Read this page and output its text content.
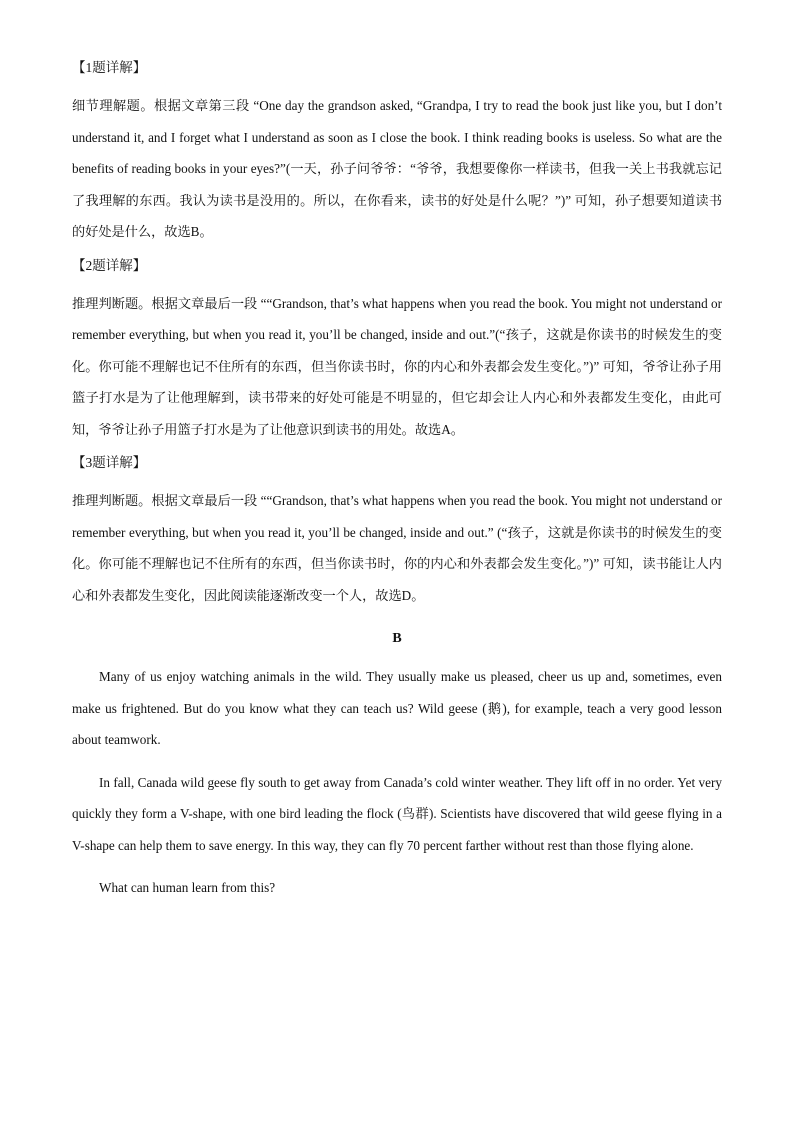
【1题详解】

细节理解题。根据文章第三段 “One day the grandson asked, “Grandpa, I try to read the book just like you, but I don’t understand it, and I forget what I understand as soon as I close the book. I think reading books is useless. So what are the benefits of reading books in your eyes?”(一天，孙子问爷爷：“爷爷，我想要像你一样读书，但我一关上书我就忘记了我理解的东西。我认为读书是没用的。所以，在你看来，读书的好处是什么呢？”)” 可知，孙子想要知道读书的好处是什么，故选B。

【2题详解】

推理判断题。根据文章最后一段 ““Grandson, that’s what happens when you read the book. You might not understand or remember everything, but when you read it, you’ll be changed, inside and out.”(“孩子，这就是你读书的时候发生的变化。你可能不理解也记不住所有的东西，但当你读书时，你的内心和外表都会发生变化。”)” 可知，爷爷让孙子用篮子打水是为了让他理解到，读书带来的好处可能是不明显的，但它却会让人内心和外表都发生变化，由此可知，爷爷让孙子用篮子打水是为了让他意识到读书的用处。故选A。

【3题详解】

推理判断题。根据文章最后一段 ““Grandson, that’s what happens when you read the book. You might not understand or remember everything, but when you read it, you’ll be changed, inside and out.” (“孩子，这就是你读书的时候发生的变化。你可能不理解也记不住所有的东西，但当你读书时，你的内心和外表都会发生变化。”)” 可知，读书能让人内心和外表都发生变化，因此阅读能逐渐改变一个人，故选D。

B

Many of us enjoy watching animals in the wild. They usually make us pleased, cheer us up and, sometimes, even make us frightened. But do you know what they can teach us? Wild geese (鹅), for example, teach a very good lesson about teamwork.

In fall, Canada wild geese fly south to get away from Canada’s cold winter weather. They lift off in no order. Yet very quickly they form a V-shape, with one bird leading the flock (鸟群). Scientists have discovered that wild geese flying in a V-shape can help them to save energy. In this way, they can fly 70 percent farther without rest than those flying alone.

What can human learn from this?
